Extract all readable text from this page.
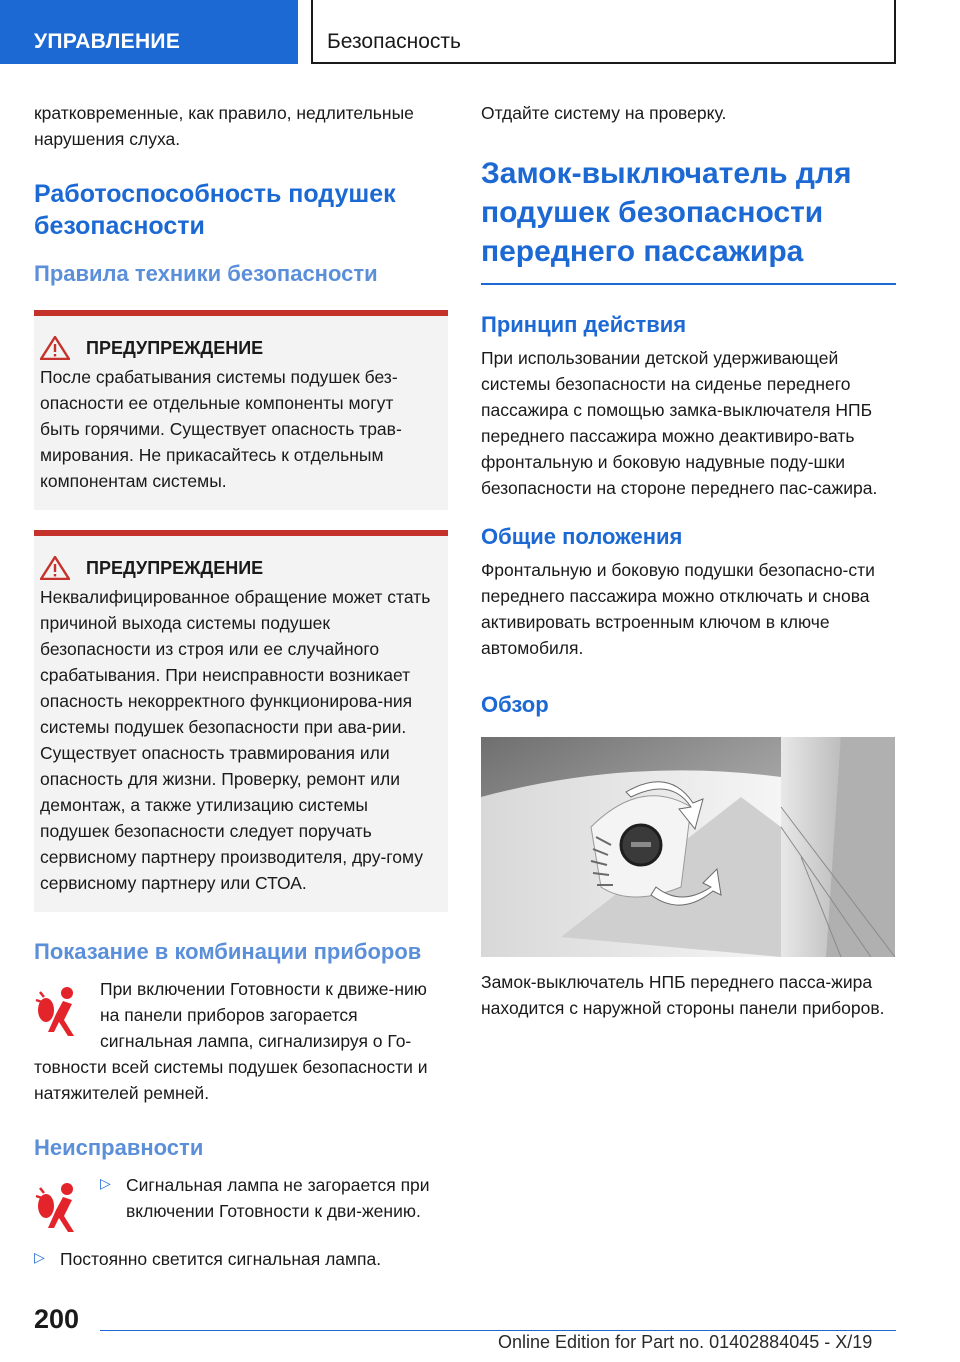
УПРАВЛЕНИЕ	Безопасность

кратковременные, как правило, недлительные нарушения слуха.

Работоспособность подушек безопасности
Правила техники безопасности
ПРЕДУПРЕЖДЕНИЕ

После срабатывания системы подушек без-опасности ее отдельные компоненты могут быть горячими. Существует опасность трав-мирования. Не прикасайтесь к отдельным компонентам системы.

ПРЕДУПРЕЖДЕНИЕ

Неквалифицированное обращение может стать причиной выхода системы подушек безопасности из строя или ее случайного срабатывания. При неисправности возникает опасность некорректного функционирова-ния системы подушек безопасности при ава-рии. Существует опасность травмирования или опасность для жизни. Проверку, ремонт или демонтаж, а также утилизацию системы подушек безопасности следует поручать сервисному партнеру производителя, дру-гому сервисному партнеру или СТОА.

Показание в комбинации приборов

При включении Готовности к движе-нию на панели приборов загорается сигнальная лампа, сигнализируя о Го-товности всей системы подушек безопасности и натяжителей ремней.

Неисправности
▷ Сигнальная лампа не загорается при включении Готовности к дви-жению.

▷ Постоянно светится сигнальная лампа.

Отдайте систему на проверку.

Замок-выключатель для подушек безопасности переднего пассажира
Принцип действия

При использовании детской удерживающей системы безопасности на сиденье переднего пассажира с помощью замка-выключателя НПБ переднего пассажира можно деактивиро-вать фронтальную и боковую надувные поду-шки безопасности на стороне переднего пас-сажира.

Общие положения

Фронтальную и боковую подушки безопасно-сти переднего пассажира можно отключать и снова активировать встроенным ключом в ключе автомобиля.

Обзор

Замок-выключатель НПБ переднего пасса-жира находится с наружной стороны панели приборов.

200
Online Edition for Part no. 01402884045 - X/19
